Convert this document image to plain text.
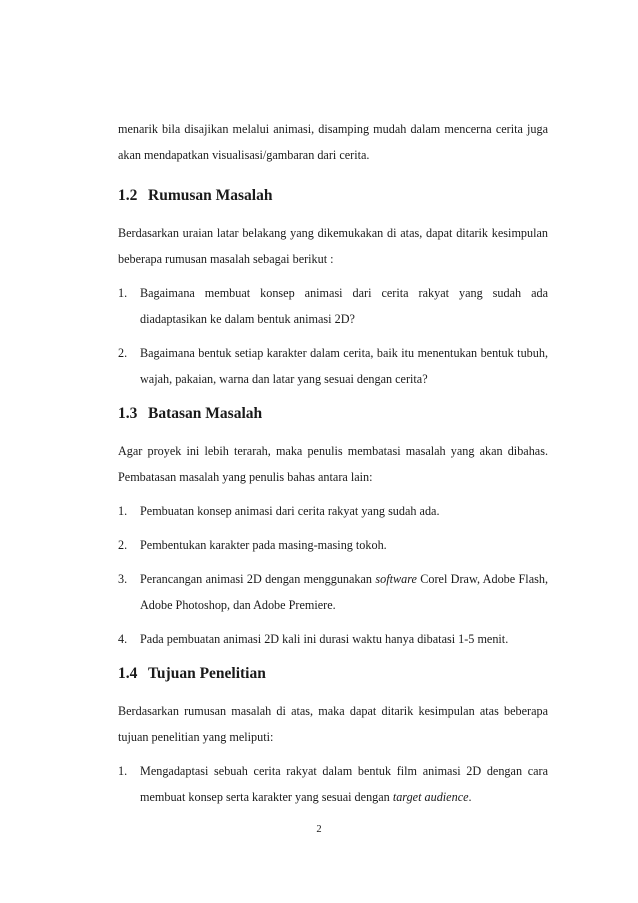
menarik bila disajikan melalui animasi, disamping mudah dalam mencerna cerita juga akan mendapatkan visualisasi/gambaran dari cerita.

1.2 Rumusan Masalah

Berdasarkan uraian latar belakang yang dikemukakan di atas, dapat ditarik kesimpulan beberapa rumusan masalah sebagai berikut :

1.	Bagaimana membuat konsep animasi dari cerita rakyat yang sudah ada diadaptasikan ke dalam bentuk animasi 2D?
2.	Bagaimana bentuk setiap karakter dalam cerita, baik itu menentukan bentuk tubuh, wajah, pakaian, warna dan latar yang sesuai dengan cerita?
1.3 Batasan Masalah

Agar proyek ini lebih terarah, maka penulis membatasi masalah yang akan dibahas. Pembatasan masalah yang penulis bahas antara lain:

1.	Pembuatan konsep animasi dari cerita rakyat yang sudah ada.
2.	Pembentukan karakter pada masing-masing tokoh.
3.	Perancangan animasi 2D dengan menggunakan software Corel Draw, Adobe Flash, Adobe Photoshop, dan Adobe Premiere.
4.	Pada pembuatan animasi 2D kali ini durasi waktu hanya dibatasi 1-5 menit.
1.4 Tujuan Penelitian

Berdasarkan rumusan masalah di atas, maka dapat ditarik kesimpulan atas beberapa tujuan penelitian yang meliputi:

1.	Mengadaptasi sebuah cerita rakyat dalam bentuk film animasi 2D dengan cara membuat konsep serta karakter yang sesuai dengan target audience.
2
